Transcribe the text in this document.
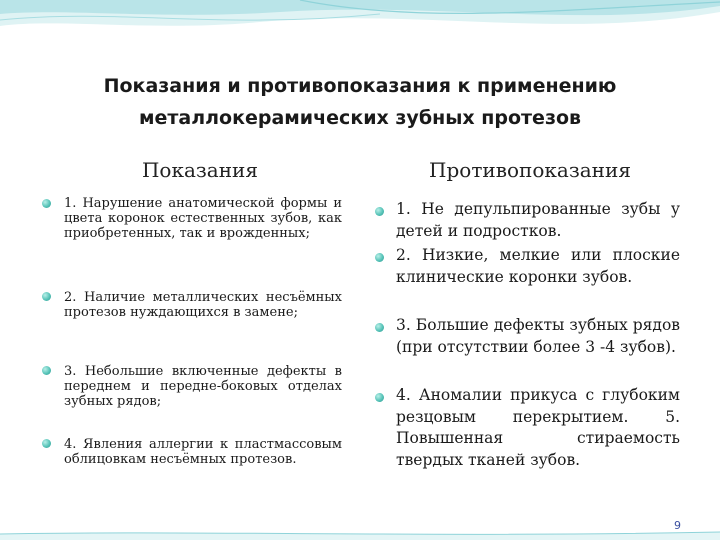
Показания и противопоказания к применению
металлокерамических зубных протезов
Показания	Противопоказания
1. Нарушение анатомической формы и цвета коронок естественных зубов, как приобретенных, так и врожденных;
2. Наличие металлических несъёмных протезов нуждающихся в замене;
3. Небольшие включенные дефекты в переднем и передне-боковых отделах зубных рядов;
4. Явления аллергии к пластмассовым облицовкам несъёмных протезов.
1. Не депульпированные зубы у детей и подростков.
2. Низкие, мелкие или плоские клинические коронки зубов.
3. Большие дефекты зубных рядов (при отсутствии более 3 -4 зубов).
4. Аномалии прикуса с глубоким резцовым перекрытием. 5. Повышенная стираемость твердых тканей зубов.
9
